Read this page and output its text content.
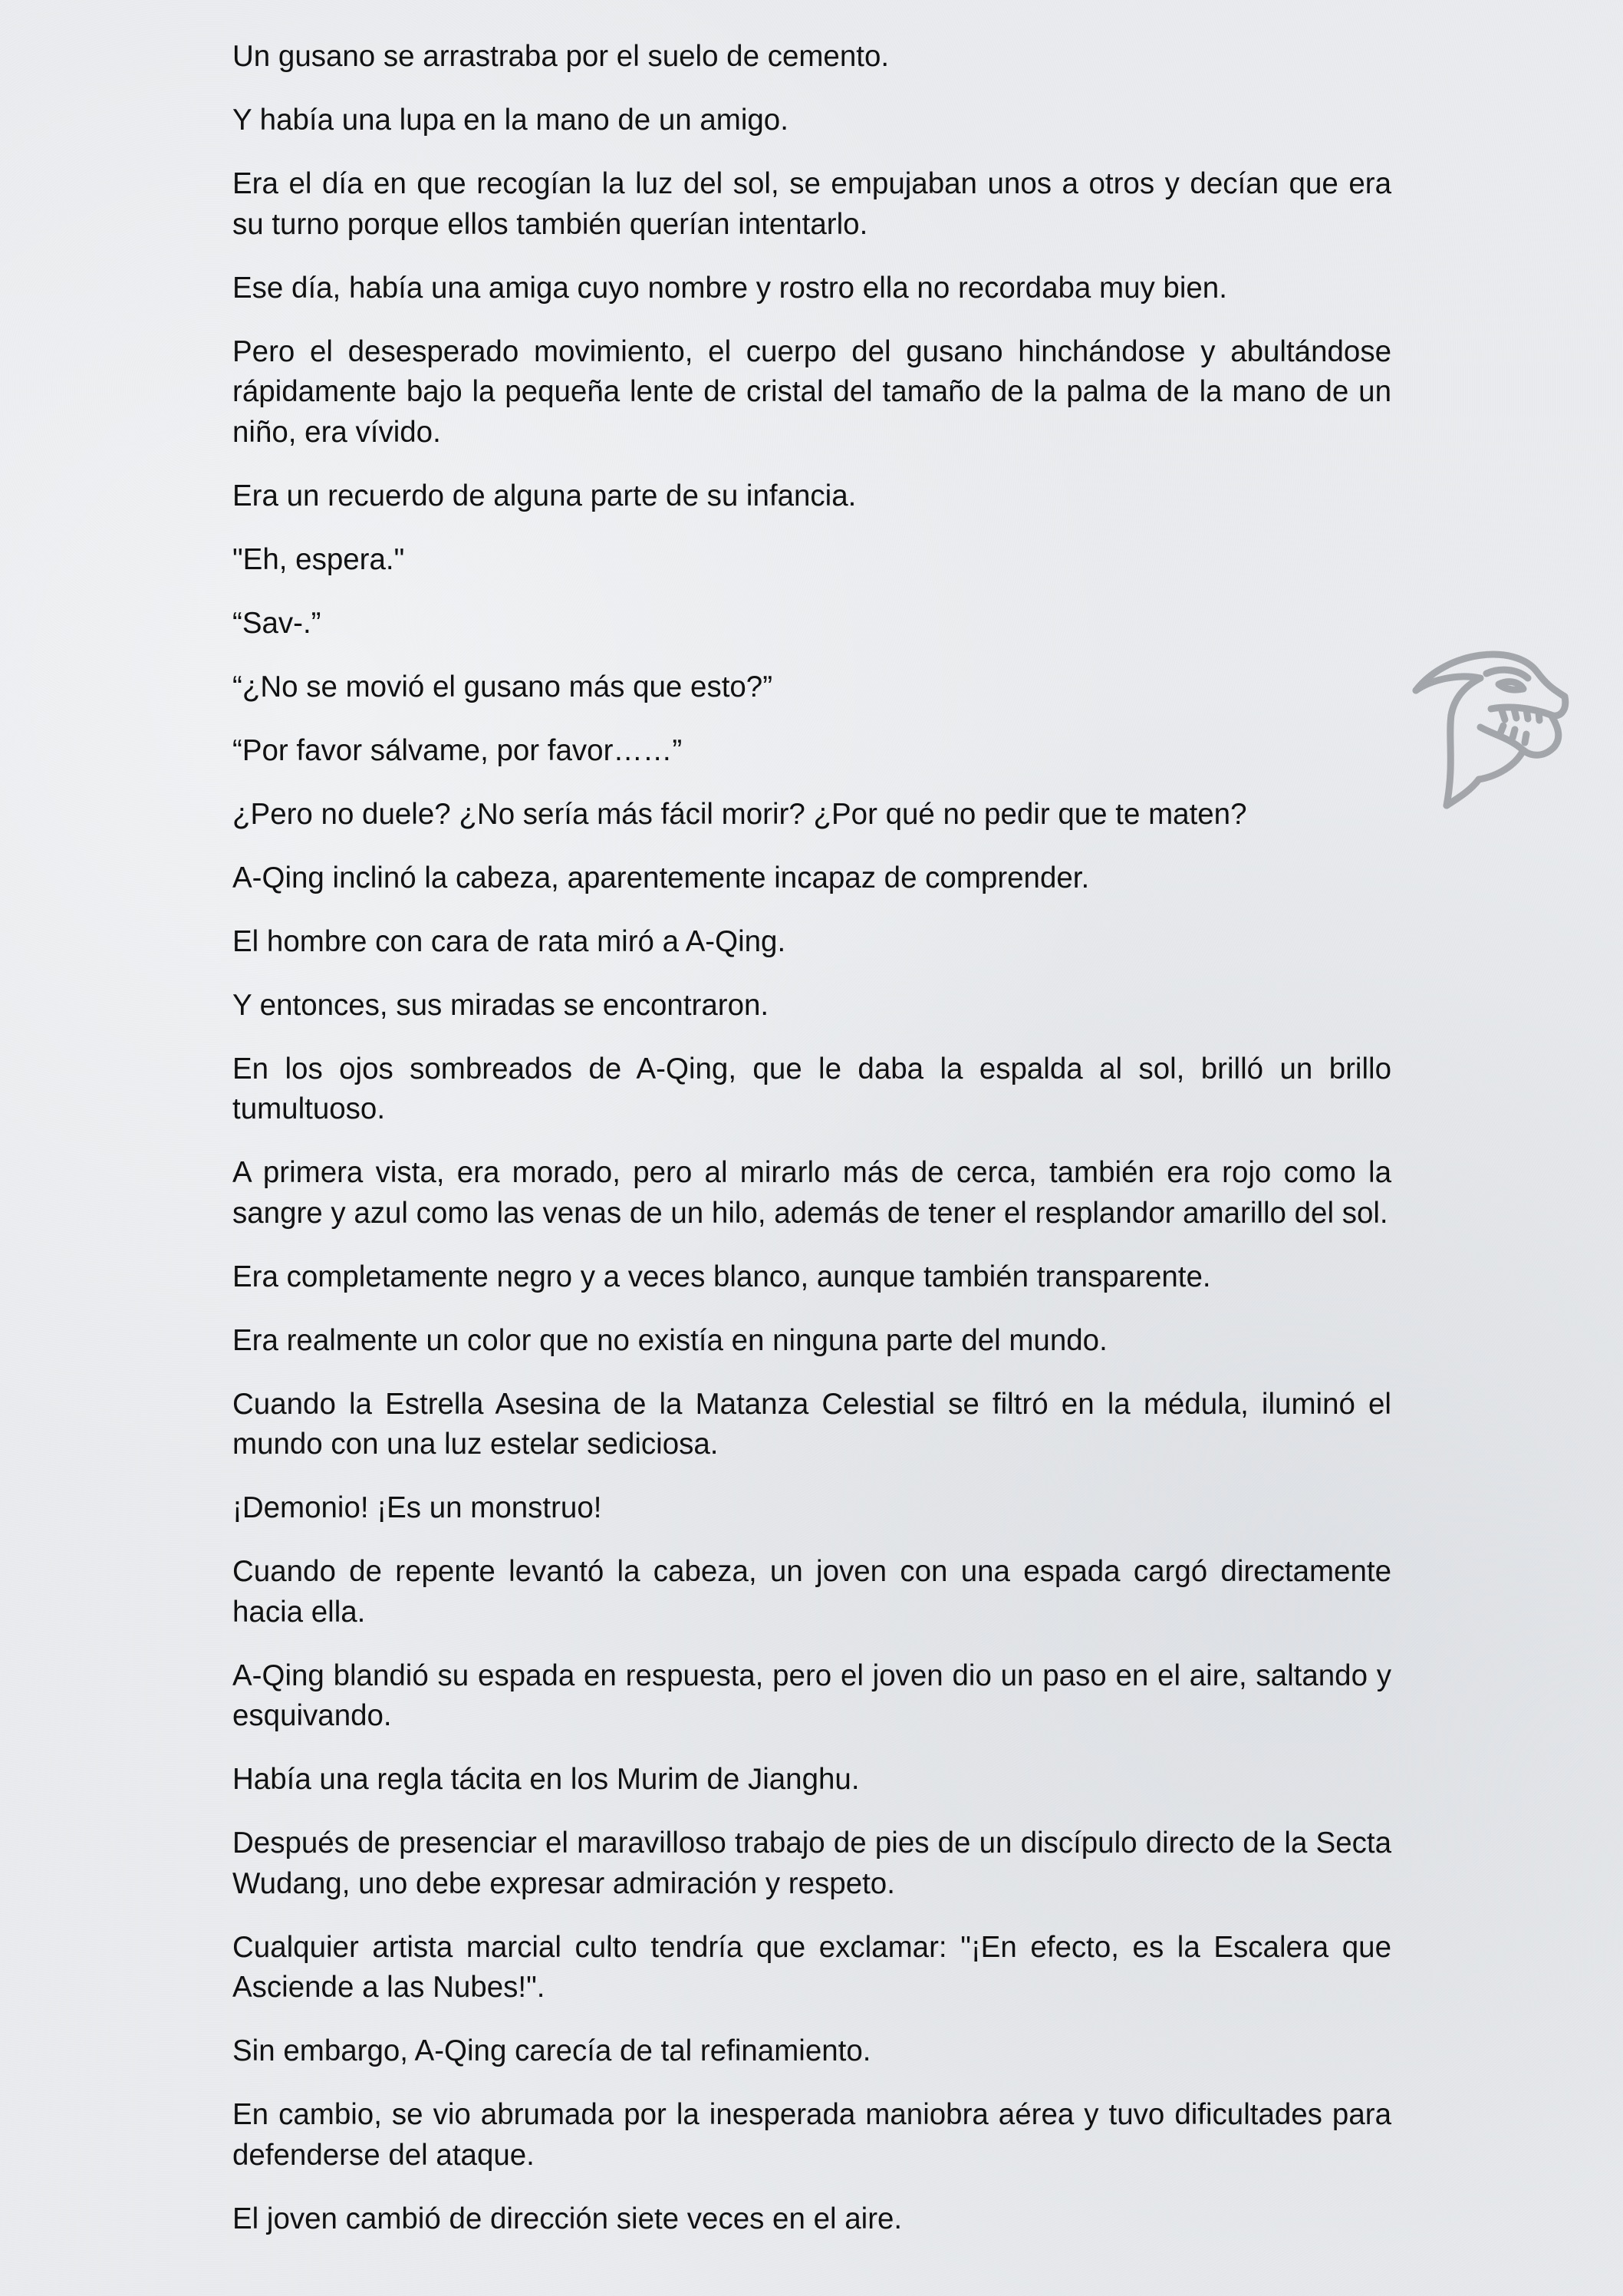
Un gusano se arrastraba por el suelo de cemento.

Y había una lupa en la mano de un amigo.

Era el día en que recogían la luz del sol, se empujaban unos a otros y decían que era su turno porque ellos también querían intentarlo.

Ese día, había una amiga cuyo nombre y rostro ella no recordaba muy bien.

Pero el desesperado movimiento, el cuerpo del gusano hinchándose y abultándose rápidamente bajo la pequeña lente de cristal del tamaño de la palma de la mano de un niño, era vívido.

Era un recuerdo de alguna parte de su infancia.

"Eh, espera."

“Sav-.”

“¿No se movió el gusano más que esto?”

“Por favor sálvame, por favor……”

¿Pero no duele? ¿No sería más fácil morir? ¿Por qué no pedir que te maten?

A-Qing inclinó la cabeza, aparentemente incapaz de comprender.

El hombre con cara de rata miró a A-Qing.

Y entonces, sus miradas se encontraron.

En los ojos sombreados de A-Qing, que le daba la espalda al sol, brilló un brillo tumultuoso.

A primera vista, era morado, pero al mirarlo más de cerca, también era rojo como la sangre y azul como las venas de un hilo, además de tener el resplandor amarillo del sol.

Era completamente negro y a veces blanco, aunque también transparente.

Era realmente un color que no existía en ninguna parte del mundo.

Cuando la Estrella Asesina de la Matanza Celestial se filtró en la médula, iluminó el mundo con una luz estelar sediciosa.

¡Demonio! ¡Es un monstruo!

Cuando de repente levantó la cabeza, un joven con una espada cargó directamente hacia ella.

A-Qing blandió su espada en respuesta, pero el joven dio un paso en el aire, saltando y esquivando.

Había una regla tácita en los Murim de Jianghu.

Después de presenciar el maravilloso trabajo de pies de un discípulo directo de la Secta Wudang, uno debe expresar admiración y respeto.

Cualquier artista marcial culto tendría que exclamar: "¡En efecto, es la Escalera que Asciende a las Nubes!".

Sin embargo, A-Qing carecía de tal refinamiento.

En cambio, se vio abrumada por la inesperada maniobra aérea y tuvo dificultades para defenderse del ataque.

El joven cambió de dirección siete veces en el aire.
